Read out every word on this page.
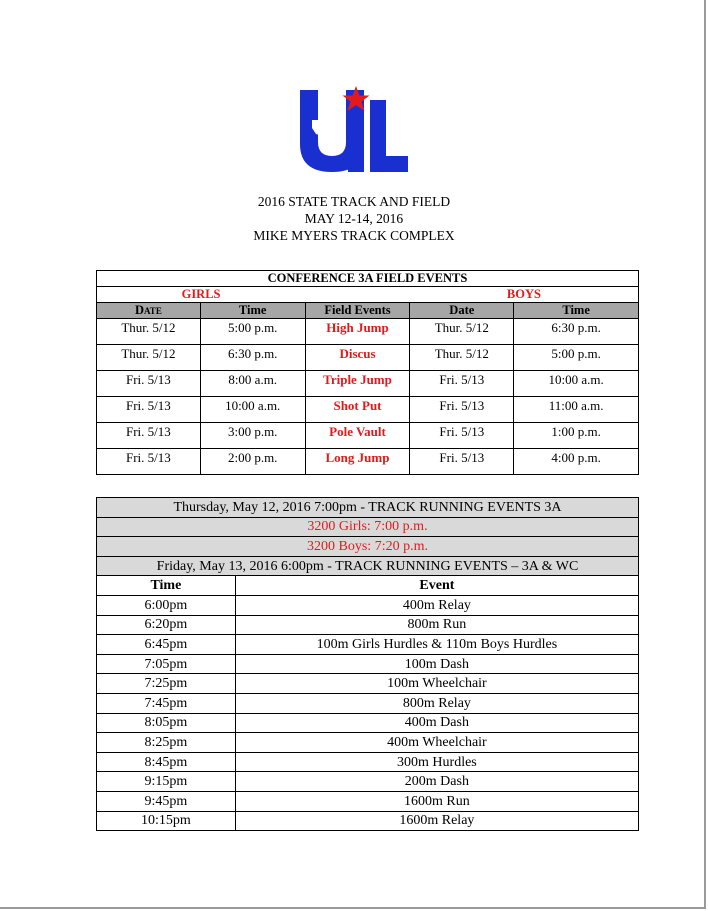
2016 STATE TRACK AND FIELD
MAY 12-14, 2016
MIKE MYERS TRACK COMPLEX
CONFERENCE 3A FIELD EVENTS				
GIRLS			BOYS	
Date	Time	Field Events	Date	Time
Thur. 5/12	5:00 p.m.	High Jump	Thur. 5/12	6:30 p.m.
Thur. 5/12	6:30 p.m.	Discus	Thur. 5/12	5:00 p.m.
Fri. 5/13	8:00 a.m.	Triple Jump	Fri. 5/13	10:00 a.m.
Fri. 5/13	10:00 a.m.	Shot Put	Fri. 5/13	11:00 a.m.
Fri. 5/13	3:00 p.m.	Pole Vault	Fri. 5/13	1:00 p.m.
Fri. 5/13	2:00 p.m.	Long Jump	Fri. 5/13	4:00 p.m.
Thursday, May 12, 2016 7:00pm - TRACK RUNNING EVENTS 3A	
3200 Girls: 7:00 p.m.	
3200 Boys: 7:20 p.m.	
Friday, May 13, 2016 6:00pm - TRACK RUNNING EVENTS – 3A & WC	
Time	Event
6:00pm	400m Relay
6:20pm	800m Run
6:45pm	100m Girls Hurdles & 110m Boys Hurdles
7:05pm	100m Dash
7:25pm	100m Wheelchair
7:45pm	800m Relay
8:05pm	400m Dash
8:25pm	400m Wheelchair
8:45pm	300m Hurdles
9:15pm	200m Dash
9:45pm	1600m Run
10:15pm	1600m Relay
